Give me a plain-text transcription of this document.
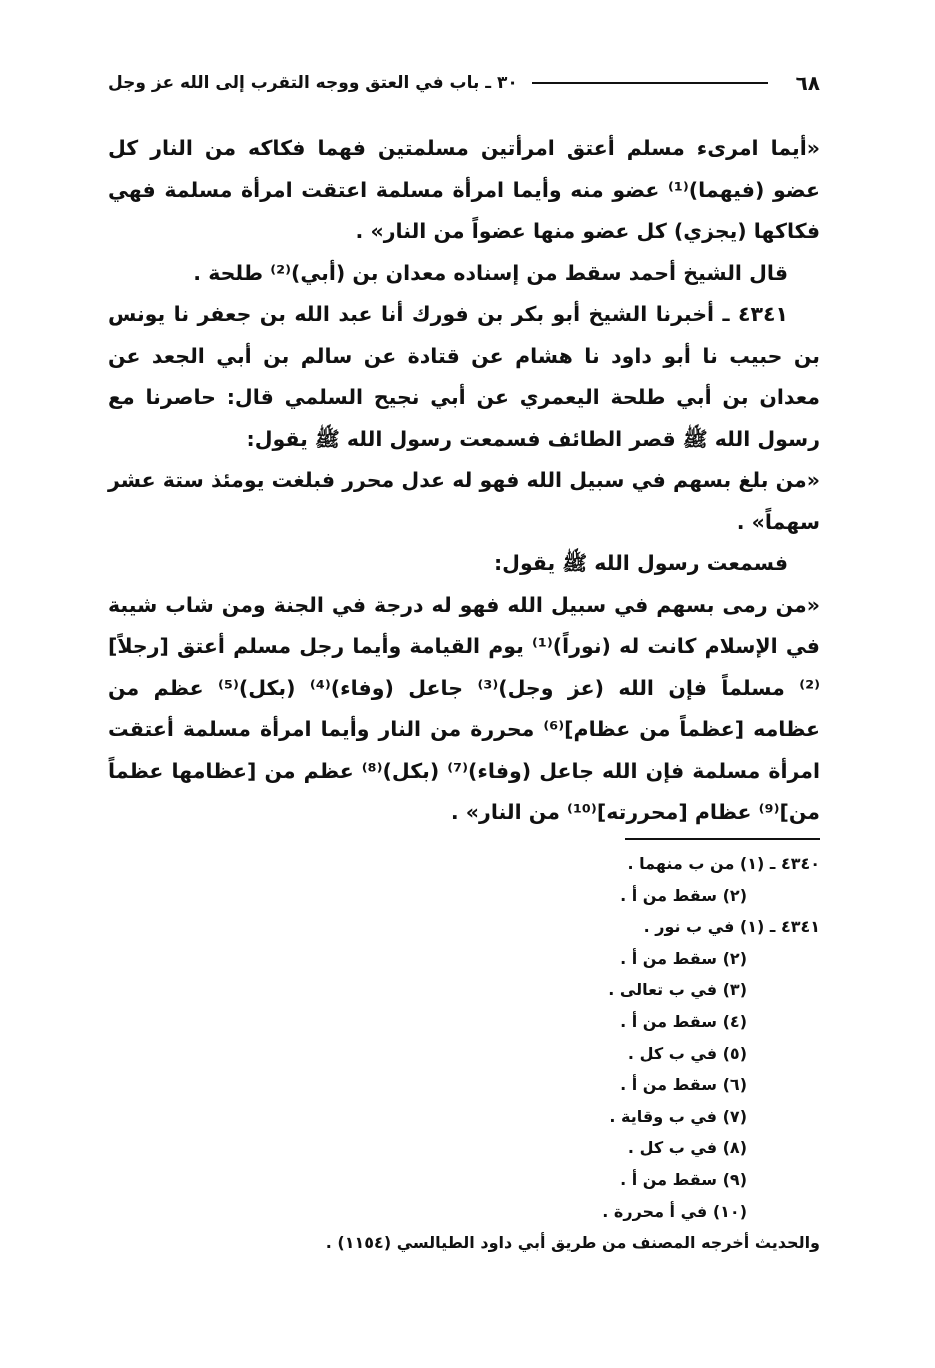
٦٨
٣٠ ـ باب في العتق ووجه التقرب إلى الله عز وجل

«أيما امرىء مسلم أعتق امرأتين مسلمتين فهما فكاكه من النار كل عضو (فيهما)⁽¹⁾ عضو منه وأيما امرأة مسلمة اعتقت امرأة مسلمة فهي فكاكها (يجزي) كل عضو منها عضواً من النار» .

قال الشيخ أحمد سقط من إسناده معدان بن (أبي)⁽²⁾ طلحة .

٤٣٤١ ـ أخبرنا الشيخ أبو بكر بن فورك أنا عبد الله بن جعفر نا يونس بن حبيب نا أبو داود نا هشام عن قتادة عن سالم بن أبي الجعد عن معدان بن أبي طلحة اليعمري عن أبي نجيح السلمي قال: حاصرنا مع رسول الله ﷺ قصر الطائف فسمعت رسول الله ﷺ يقول:

«من بلغ بسهم في سبيل الله فهو له عدل محرر فبلغت يومئذ ستة عشر سهماً» .

فسمعت رسول الله ﷺ يقول:

«من رمى بسهم في سبيل الله فهو له درجة في الجنة ومن شاب شيبة في الإسلام كانت له (نوراً)⁽¹⁾ يوم القيامة وأيما رجل مسلم أعتق [رجلاً]⁽²⁾ مسلماً فإن الله (عز وجل)⁽³⁾ جاعل (وفاء)⁽⁴⁾ (بكل)⁽⁵⁾ عظم من عظامه [عظماً من عظام]⁽⁶⁾ محررة من النار وأيما امرأة مسلمة أعتقت امرأة مسلمة فإن الله جاعل (وفاء)⁽⁷⁾ (بكل)⁽⁸⁾ عظم من [عظامها عظماً من]⁽⁹⁾ عظام [محررته]⁽¹⁰⁾ من النار» .

٤٣٤٠ ـ (١) من ب منهما .

(٢) سقط من أ .

٤٣٤١ ـ (١) في ب نور .

(٢) سقط من أ .

(٣) في ب تعالى .

(٤) سقط من أ .

(٥) في ب كل .

(٦) سقط من أ .

(٧) في ب وقاية .

(٨) في ب كل .

(٩) سقط من أ .

(١٠) في أ محررة .

والحديث أخرجه المصنف من طريق أبي داود الطيالسي (١١٥٤) .
